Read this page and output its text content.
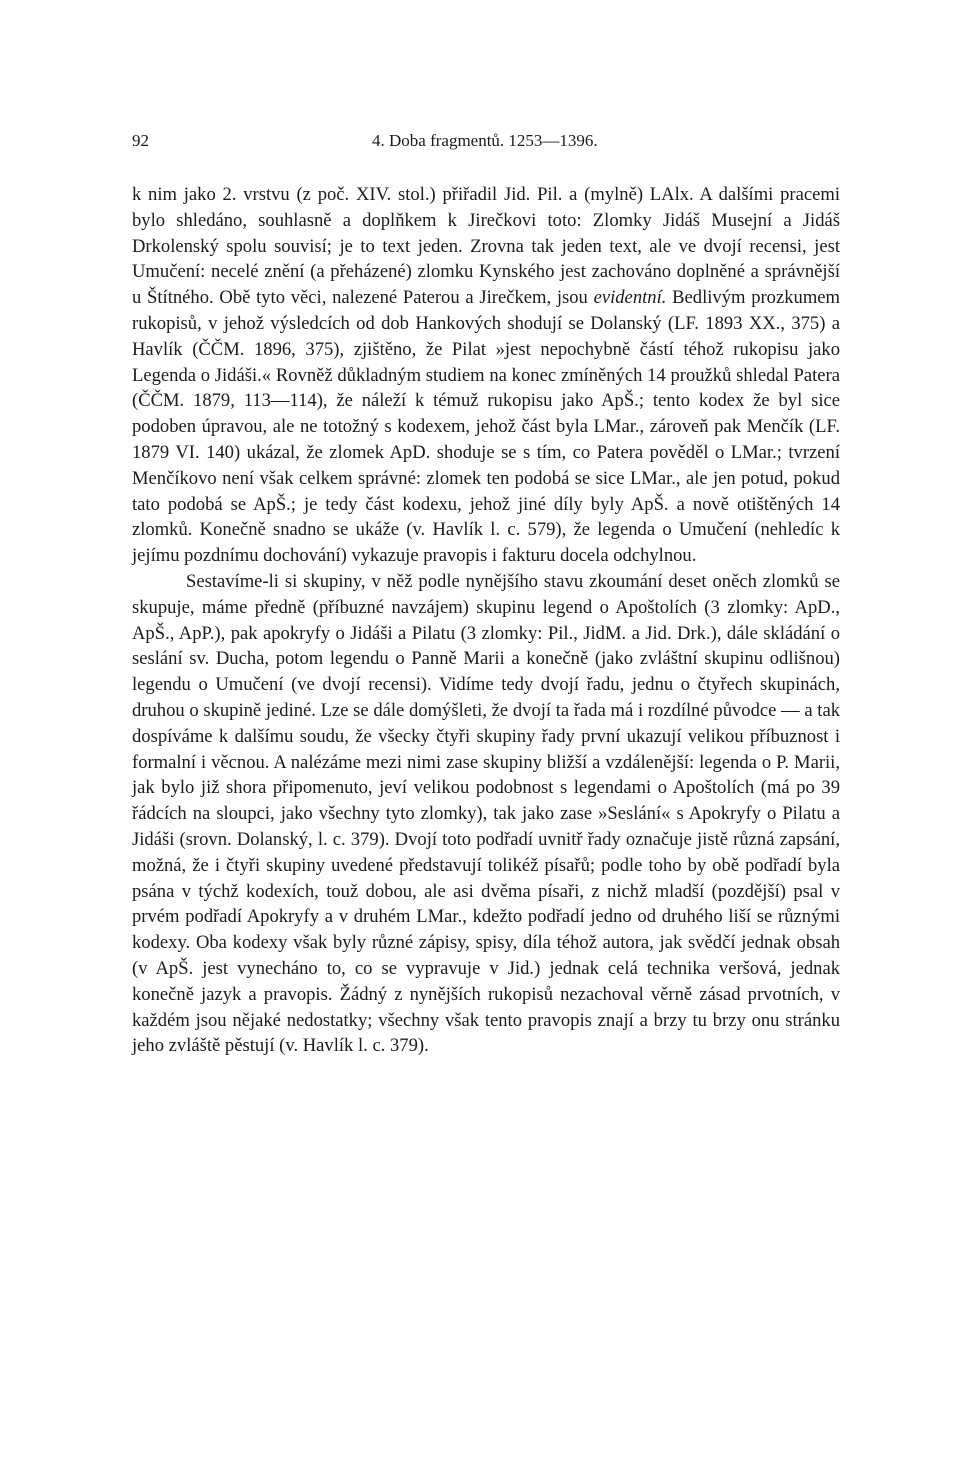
92	4. Doba fragmentů. 1253—1396.

k nim jako 2. vrstvu (z poč. XIV. stol.) přiřadil Jid. Pil. a (mylně) LAlx. A dalšími pracemi bylo shledáno, souhlasně a doplňkem k Jirečkovi toto: Zlomky Jidáš Musejní a Jidáš Drkolenský spolu souvisí; je to text jeden. Zrovna tak jeden text, ale ve dvojí recensi, jest Umučení: necelé znění (a přeházené) zlomku Kynského jest zachováno doplněné a správnější u Štítného. Obě tyto věci, nalezené Paterou a Jirečkem, jsou evidentní. Bedlivým prozkumem rukopisů, v jehož výsledcích od dob Hankových shodují se Dolanský (LF. 1893 XX., 375) a Havlík (ČČM. 1896, 375), zjištěno, že Pilat »jest nepochybně částí téhož rukopisu jako Legenda o Jidáši.« Rovněž důkladným studiem na konec zmíněných 14 proužků shledal Patera (ČČM. 1879, 113—114), že náleží k témuž rukopisu jako ApŠ.; tento kodex že byl sice podoben úpravou, ale ne totožný s kodexem, jehož část byla LMar., zároveň pak Menčík (LF. 1879 VI. 140) ukázal, že zlomek ApD. shoduje se s tím, co Patera pověděl o LMar.; tvrzení Menčíkovo není však celkem správné: zlomek ten podobá se sice LMar., ale jen potud, pokud tato podobá se ApŠ.; je tedy část kodexu, jehož jiné díly byly ApŠ. a nově otištěných 14 zlomků. Konečně snadno se ukáže (v. Havlík l. c. 579), že legenda o Umučení (nehledíc k jejímu pozdnímu dochování) vykazuje pravopis i fakturu docela odchylnou.

Sestavíme-li si skupiny, v něž podle nynějšího stavu zkoumání deset oněch zlomků se skupuje, máme předně (příbuzné navzájem) skupinu legend o Apoštolích (3 zlomky: ApD., ApŠ., ApP.), pak apokryfy o Jidáši a Pilatu (3 zlomky: Pil., JidM. a Jid. Drk.), dále skládání o seslání sv. Ducha, potom legendu o Panně Marii a konečně (jako zvláštní skupinu odlišnou) legendu o Umučení (ve dvojí recensi). Vidíme tedy dvojí řadu, jednu o čtyřech skupinách, druhou o skupině jediné. Lze se dále domýšleti, že dvojí ta řada má i rozdílné původce — a tak dospíváme k dalšímu soudu, že všecky čtyři skupiny řady první ukazují velikou příbuznost i formalní i věcnou. A nalézáme mezi nimi zase skupiny bližší a vzdálenější: legenda o P. Marii, jak bylo již shora připomenuto, jeví velikou podobnost s legendami o Apoštolích (má po 39 řádcích na sloupci, jako všechny tyto zlomky), tak jako zase »Seslání« s Apokryfy o Pilatu a Jidáši (srovn. Dolanský, l. c. 379). Dvojí toto podřadí uvnitř řady označuje jistě různá zapsání, možná, že i čtyři skupiny uvedené představují tolikéž písařů; podle toho by obě podřadí byla psána v týchž kodexích, touž dobou, ale asi dvěma písaři, z nichž mladší (pozdější) psal v prvém podřadí Apokryfy a v druhém LMar., kdežto podřadí jedno od druhého liší se různými kodexy. Oba kodexy však byly různé zápisy, spisy, díla téhož autora, jak svědčí jednak obsah (v ApŠ. jest vynecháno to, co se vypravuje v Jid.) jednak celá technika veršová, jednak konečně jazyk a pravopis. Žádný z nynějších rukopisů nezachoval věrně zásad prvotních, v každém jsou nějaké nedostatky; všechny však tento pravopis znají a brzy tu brzy onu stránku jeho zvláště pěstují (v. Havlík l. c. 379).
